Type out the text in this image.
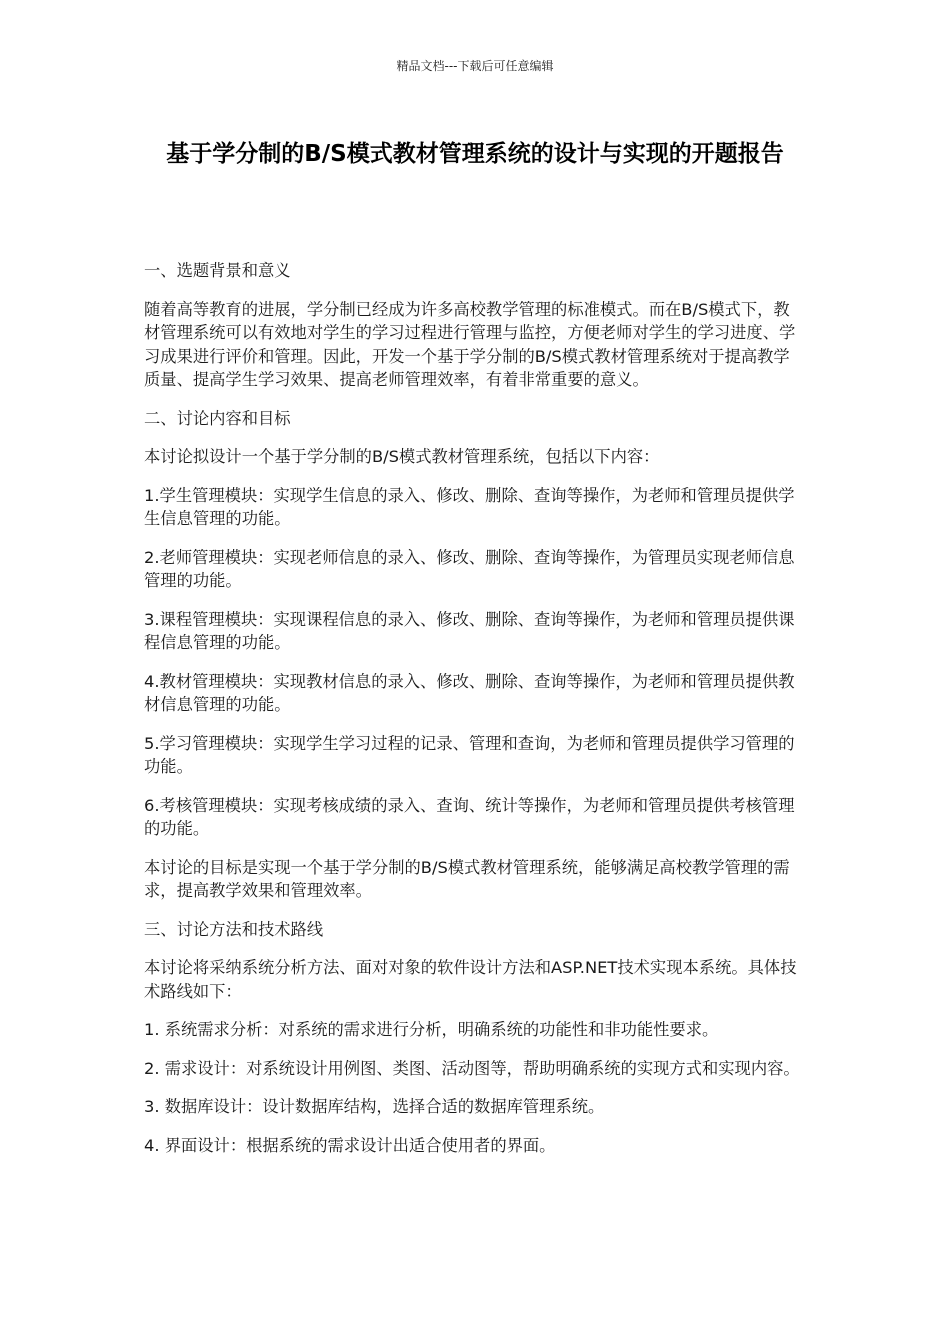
精品文档---下载后可任意编辑
基于学分制的B/S模式教材管理系统的设计与实现的开题报告

一、选题背景和意义

随着高等教育的进展，学分制已经成为许多高校教学管理的标准模式。而在B/S模式下，教材管理系统可以有效地对学生的学习过程进行管理与监控，方便老师对学生的学习进度、学习成果进行评价和管理。因此，开发一个基于学分制的B/S模式教材管理系统对于提高教学质量、提高学生学习效果、提高老师管理效率，有着非常重要的意义。

二、讨论内容和目标

本讨论拟设计一个基于学分制的B/S模式教材管理系统，包括以下内容：

1.学生管理模块：实现学生信息的录入、修改、删除、查询等操作，为老师和管理员提供学生信息管理的功能。

2.老师管理模块：实现老师信息的录入、修改、删除、查询等操作，为管理员实现老师信息管理的功能。

3.课程管理模块：实现课程信息的录入、修改、删除、查询等操作，为老师和管理员提供课程信息管理的功能。

4.教材管理模块：实现教材信息的录入、修改、删除、查询等操作，为老师和管理员提供教材信息管理的功能。

5.学习管理模块：实现学生学习过程的记录、管理和查询，为老师和管理员提供学习管理的功能。

6.考核管理模块：实现考核成绩的录入、查询、统计等操作，为老师和管理员提供考核管理的功能。

本讨论的目标是实现一个基于学分制的B/S模式教材管理系统，能够满足高校教学管理的需求，提高教学效果和管理效率。

三、讨论方法和技术路线

本讨论将采纳系统分析方法、面对对象的软件设计方法和ASP.NET技术实现本系统。具体技术路线如下：

1. 系统需求分析：对系统的需求进行分析，明确系统的功能性和非功能性要求。

2. 需求设计：对系统设计用例图、类图、活动图等，帮助明确系统的实现方式和实现内容。

3. 数据库设计：设计数据库结构，选择合适的数据库管理系统。

4. 界面设计：根据系统的需求设计出适合使用者的界面。
